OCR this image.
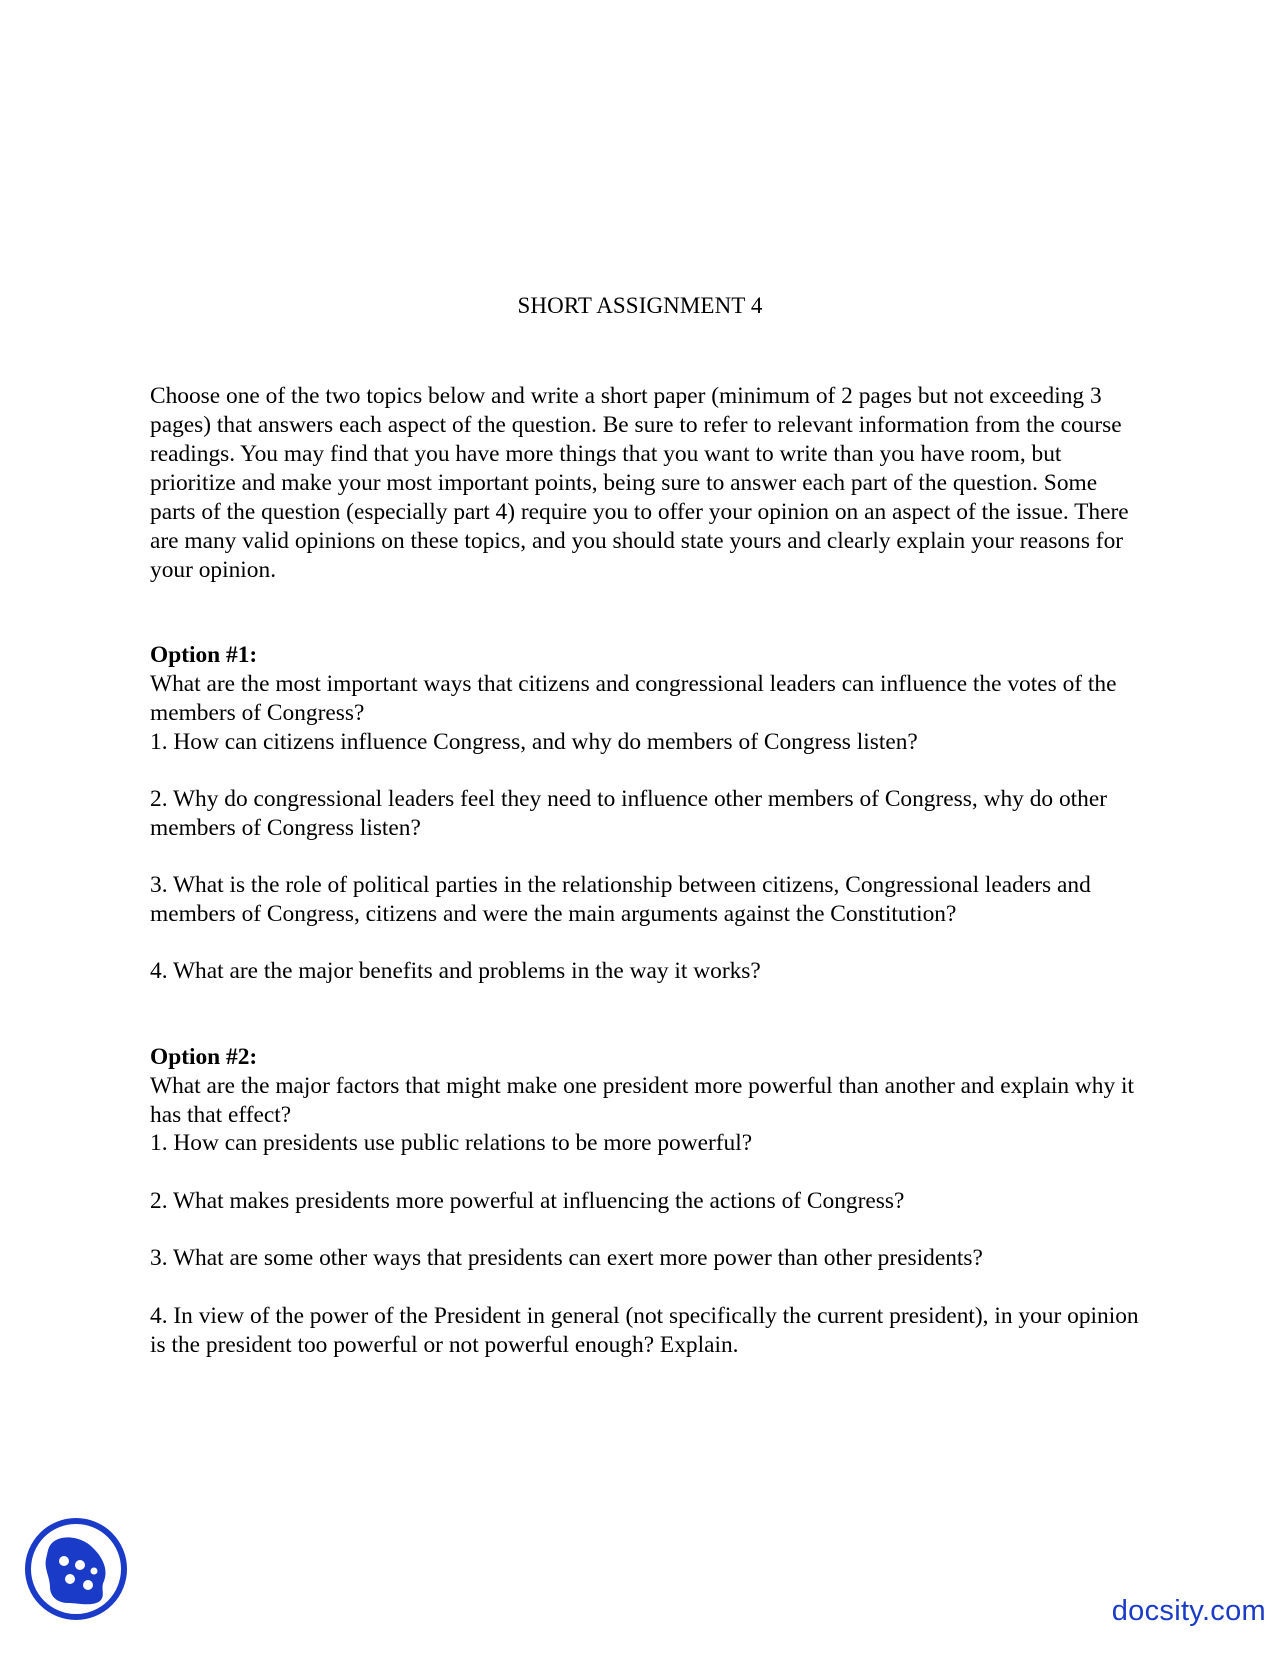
SHORT ASSIGNMENT 4

Choose one of the two topics below and write a short paper (minimum of 2 pages but not exceeding 3 pages) that answers each aspect of the question. Be sure to refer to relevant information from the course readings. You may find that you have more things that you want to write than you have room, but prioritize and make your most important points, being sure to answer each part of the question. Some parts of the question (especially part 4) require you to offer your opinion on an aspect of the issue. There are many valid opinions on these topics, and you should state yours and clearly explain your reasons for your opinion.

Option #1:

What are the most important ways that citizens and congressional leaders can influence the votes of the members of Congress?

1. How can citizens influence Congress, and why do members of Congress listen?

2. Why do congressional leaders feel they need to influence other members of Congress, why do other members of Congress listen?

3. What is the role of political parties in the relationship between citizens, Congressional leaders and members of Congress, citizens and were the main arguments against the Constitution?

4. What are the major benefits and problems in the way it works?

Option #2:

What are the major factors that might make one president more powerful than another and explain why it has that effect?

1. How can presidents use public relations to be more powerful?

2. What makes presidents more powerful at influencing the actions of Congress?

3. What are some other ways that presidents can exert more power than other presidents?

4. In view of the power of the President in general (not specifically the current president), in your opinion is the president too powerful or not powerful enough? Explain.

docsity.com
